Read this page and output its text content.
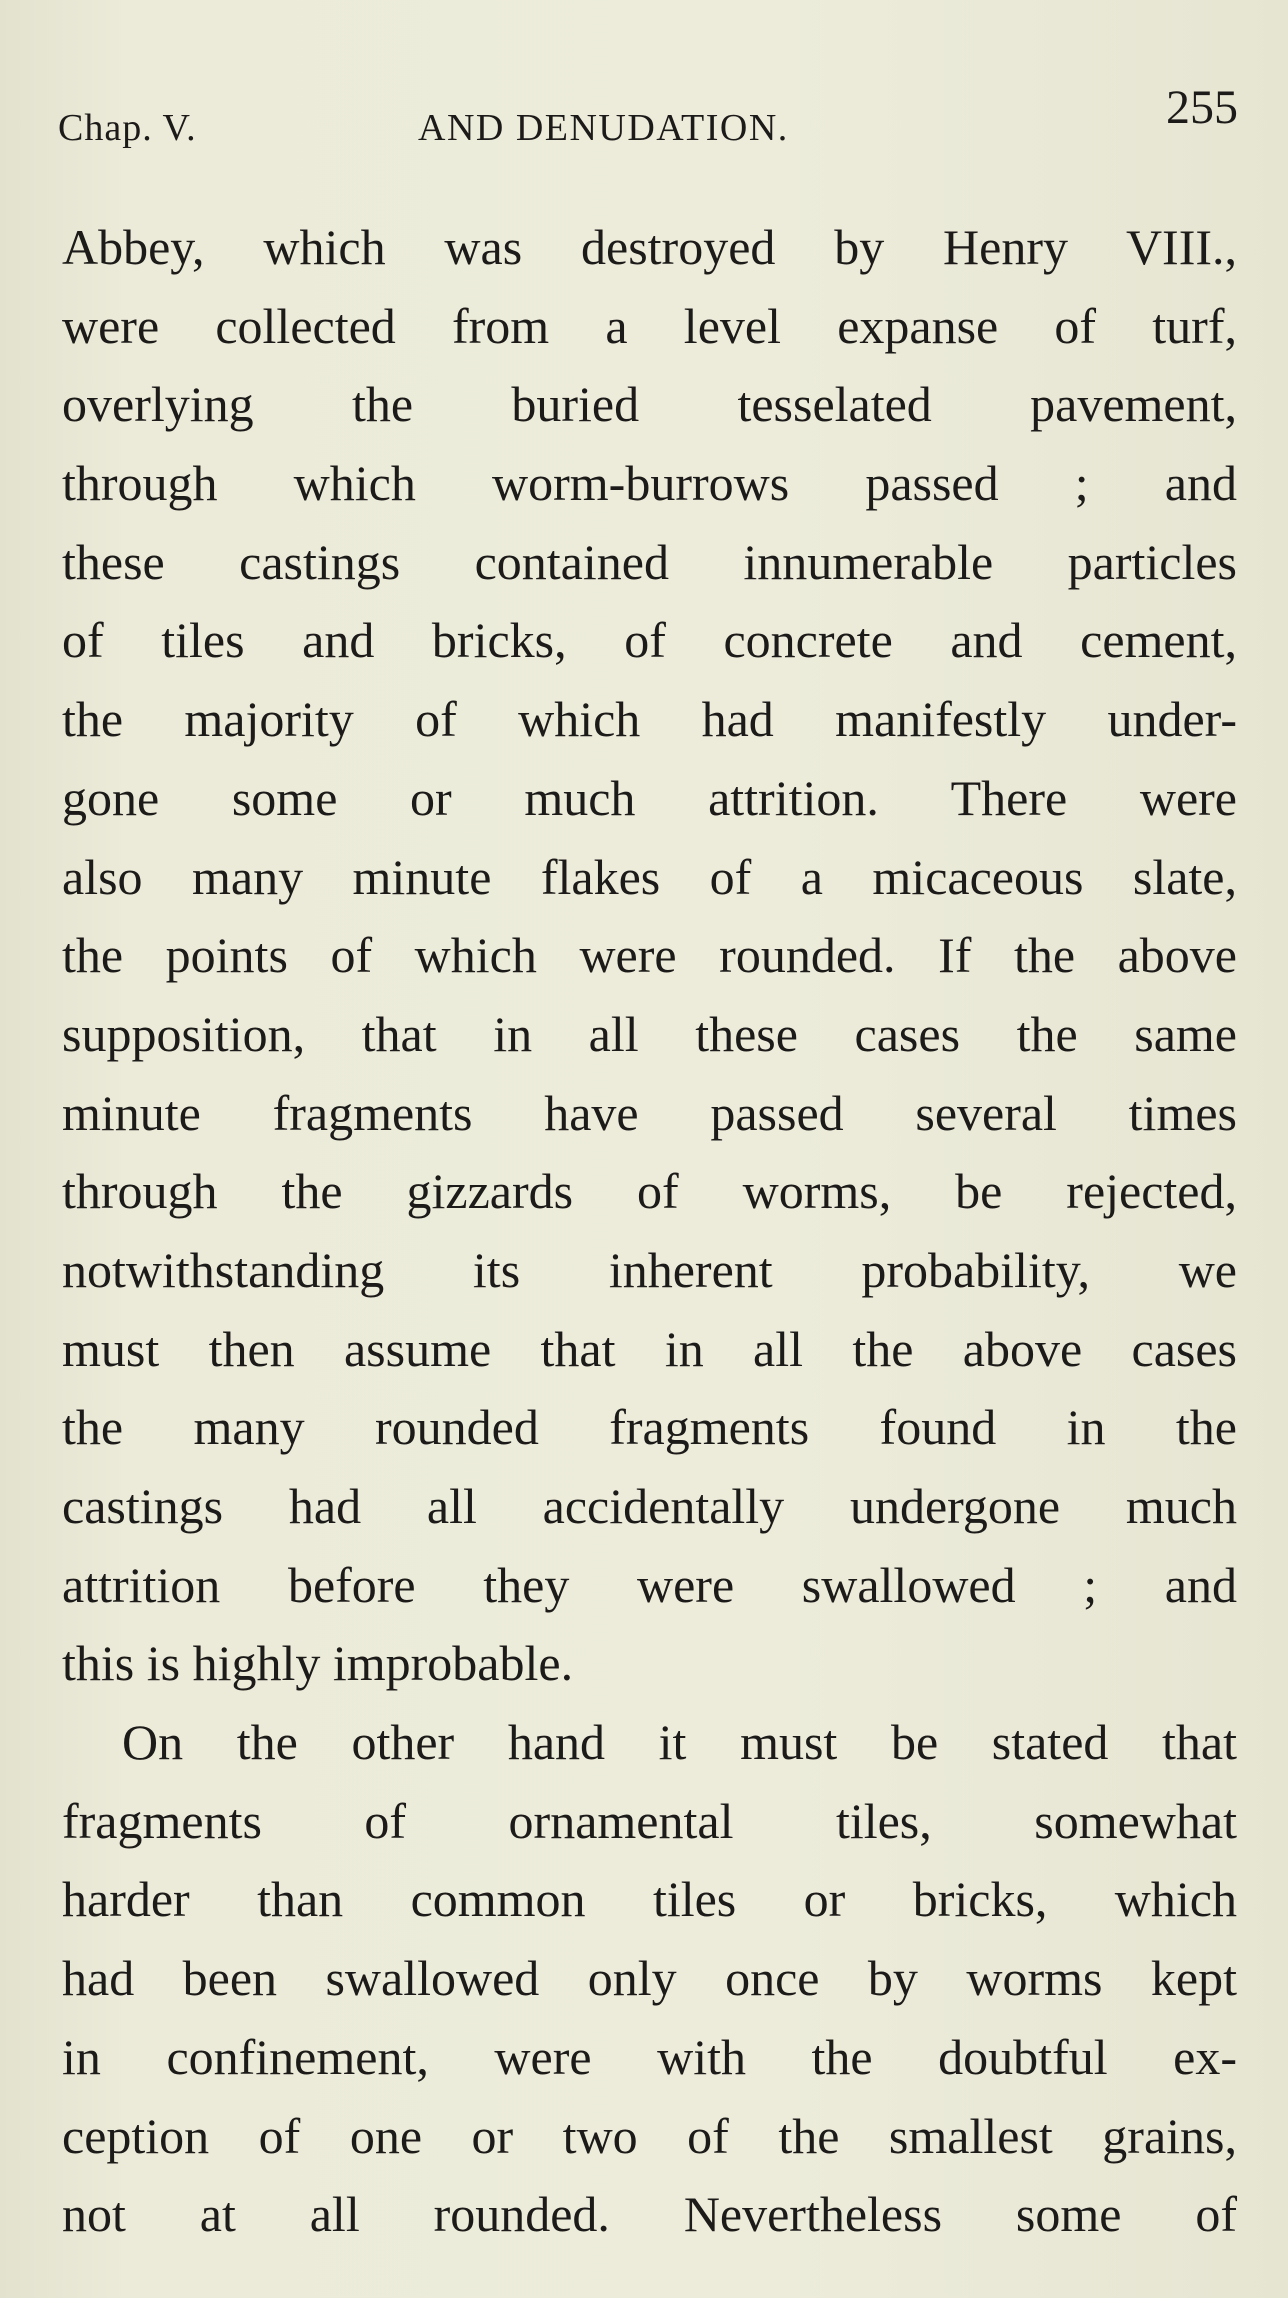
Chap. V.	AND DENUDATION.	255
Abbey, which was destroyed by Henry VIII.,
were collected from a level expanse of turf,
overlying the buried tesselated pavement,
through which worm-burrows passed ; and
these castings contained innumerable particles
of tiles and bricks, of concrete and cement,
the majority of which had manifestly under-
gone some or much attrition. There were
also many minute flakes of a micaceous slate,
the points of which were rounded. If the above
supposition, that in all these cases the same
minute fragments have passed several times
through the gizzards of worms, be rejected,
notwithstanding its inherent probability, we
must then assume that in all the above cases
the many rounded fragments found in the
castings had all accidentally undergone much
attrition before they were swallowed ; and
this is highly improbable.
On the other hand it must be stated that
fragments of ornamental tiles, somewhat
harder than common tiles or bricks, which
had been swallowed only once by worms kept
in confinement, were with the doubtful ex-
ception of one or two of the smallest grains,
not at all rounded. Nevertheless some of
